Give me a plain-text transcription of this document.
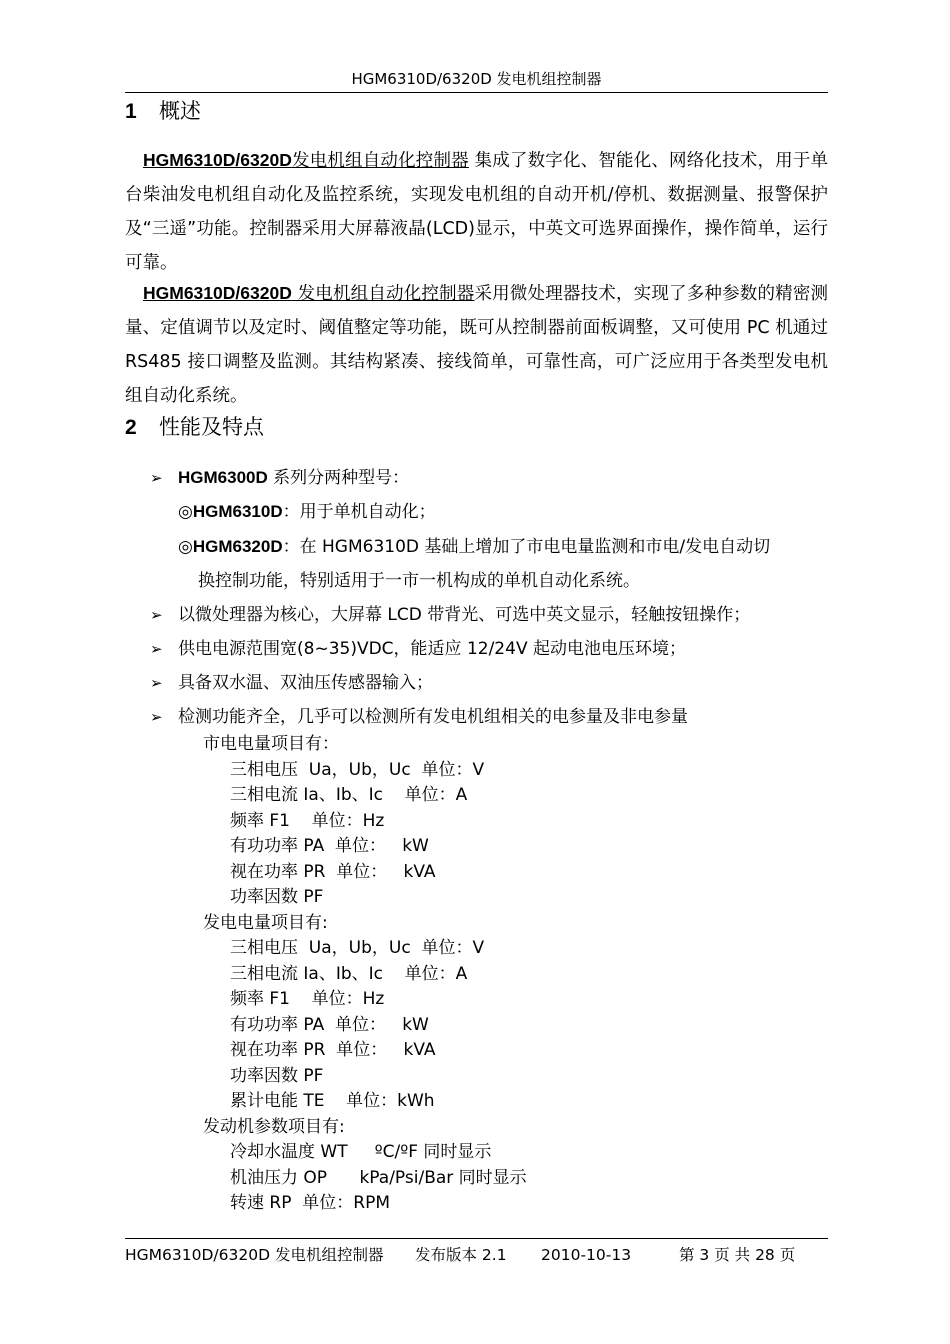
HGM6310D/6320D 发电机组控制器
1 概述
HGM6310D/6320D发电机组自动化控制器 集成了数字化、智能化、网络化技术，用于单台柴油发电机组自动化及监控系统，实现发电机组的自动开机/停机、数据测量、报警保护及“三遥”功能。控制器采用大屏幕液晶(LCD)显示，中英文可选界面操作，操作简单，运行可靠。
HGM6310D/6320D 发电机组自动化控制器采用微处理器技术，实现了多种参数的精密测量、定值调节以及定时、阈值整定等功能，既可从控制器前面板调整，又可使用 PC 机通过 RS485 接口调整及监测。其结构紧凑、接线简单，可靠性高，可广泛应用于各类型发电机组自动化系统。
2 性能及特点
➢ HGM6300D 系列分两种型号：
◎HGM6310D：用于单机自动化；
◎HGM6320D：在 HGM6310D 基础上增加了市电电量监测和市电/发电自动切
换控制功能，特别适用于一市一机构成的单机自动化系统。
➢ 以微处理器为核心，大屏幕 LCD 带背光、可选中英文显示，轻触按钮操作；
➢ 供电电源范围宽(8~35)VDC，能适应 12/24V 起动电池电压环境；
➢ 具备双水温、双油压传感器输入；
➢ 检测功能齐全，几乎可以检测所有发电机组相关的电参量及非电参量
市电电量项目有：
三相电压  Ua，Ub，Uc  单位：V
三相电流 Ia、Ib、Ic    单位：A
频率 F1    单位：Hz
有功功率 PA  单位：   kW
视在功率 PR  单位：   kVA
功率因数 PF
发电电量项目有:
三相电压  Ua，Ub，Uc  单位：V
三相电流 Ia、Ib、Ic    单位：A
频率 F1    单位：Hz
有功功率 PA  单位：   kW
视在功率 PR  单位：   kVA
功率因数 PF
累计电能 TE    单位：kWh
发动机参数项目有:
冷却水温度 WT     ºC/ºF 同时显示
机油压力 OP      kPa/Psi/Bar 同时显示
转速 RP  单位：RPM
HGM6310D/6320D 发电机组控制器 发布版本 2.1 2010-10-13	第 3 页 共 28 页
